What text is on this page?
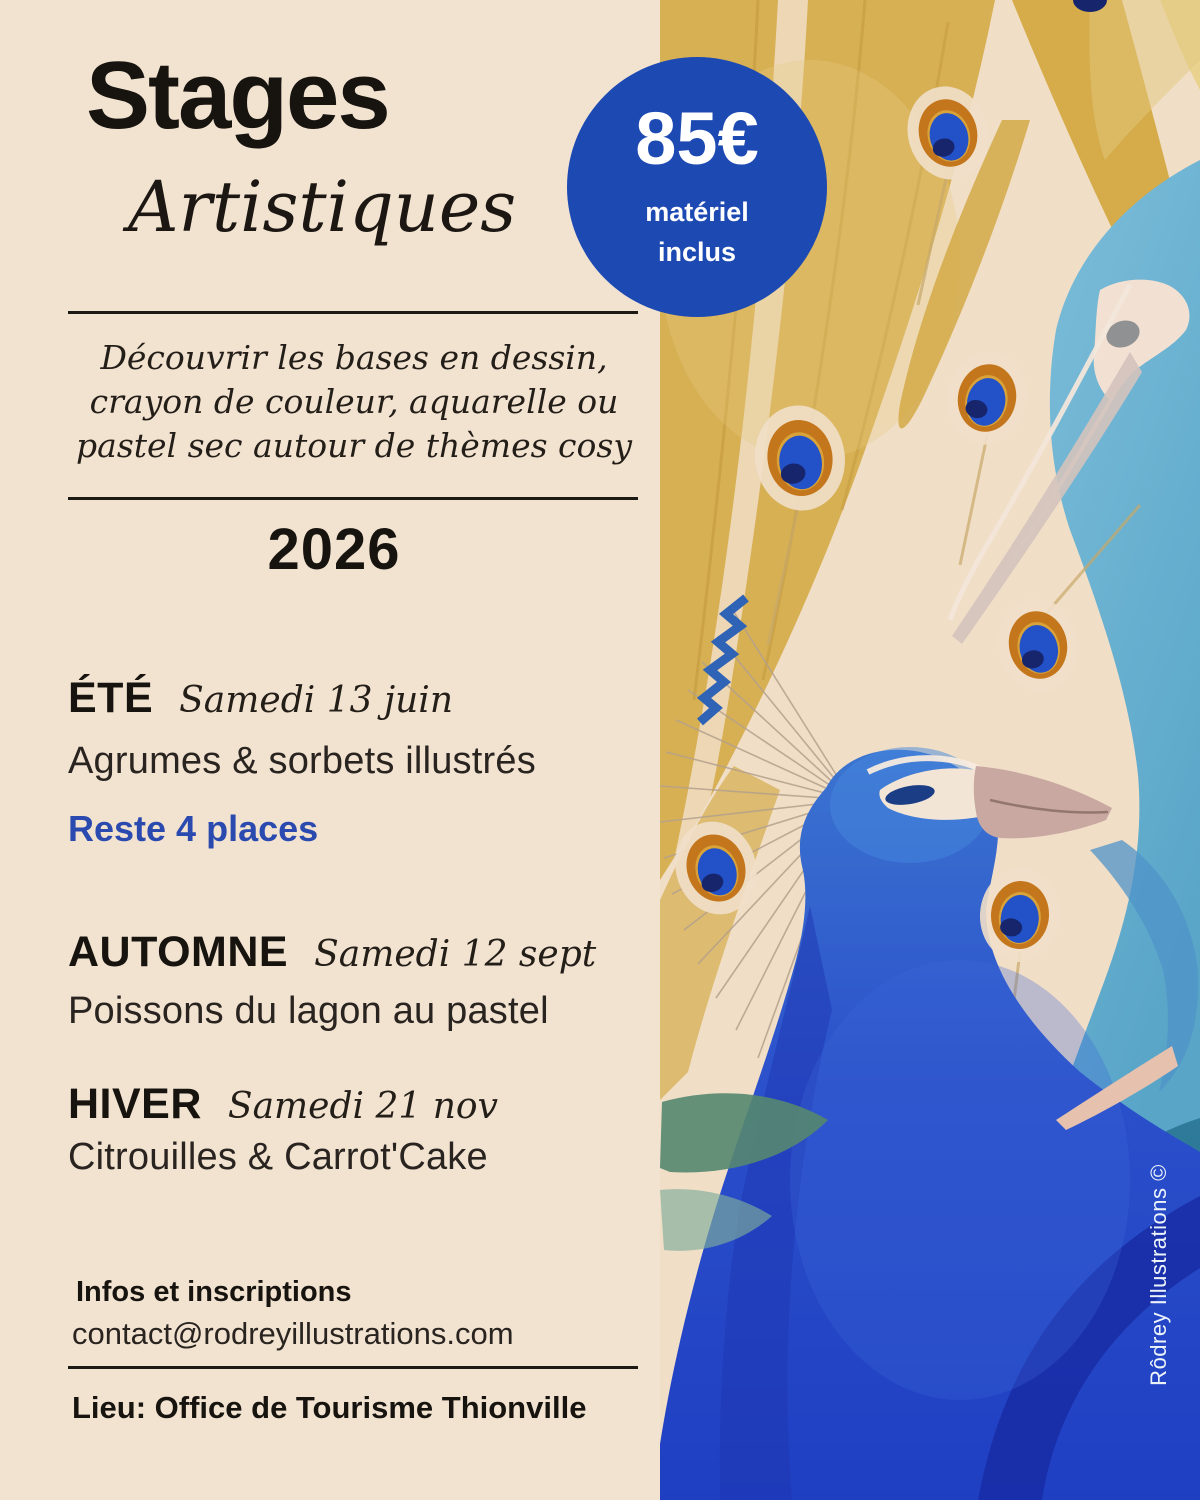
Stages
Artistiques
Découvrir les bases en dessin,
crayon de couleur, aquarelle ou
pastel sec autour de thèmes cosy
2026
ÉTÉ Samedi 13 juin
Agrumes & sorbets illustrés
Reste 4 places
AUTOMNE Samedi 12 sept
Poissons du lagon au pastel
HIVER Samedi 21 nov
Citrouilles & Carrot'Cake
Infos et inscriptions
contact@rodreyillustrations.com
Lieu: Office de Tourisme Thionville
85€
matériel
inclus
Rôdrey Illustrations ©
